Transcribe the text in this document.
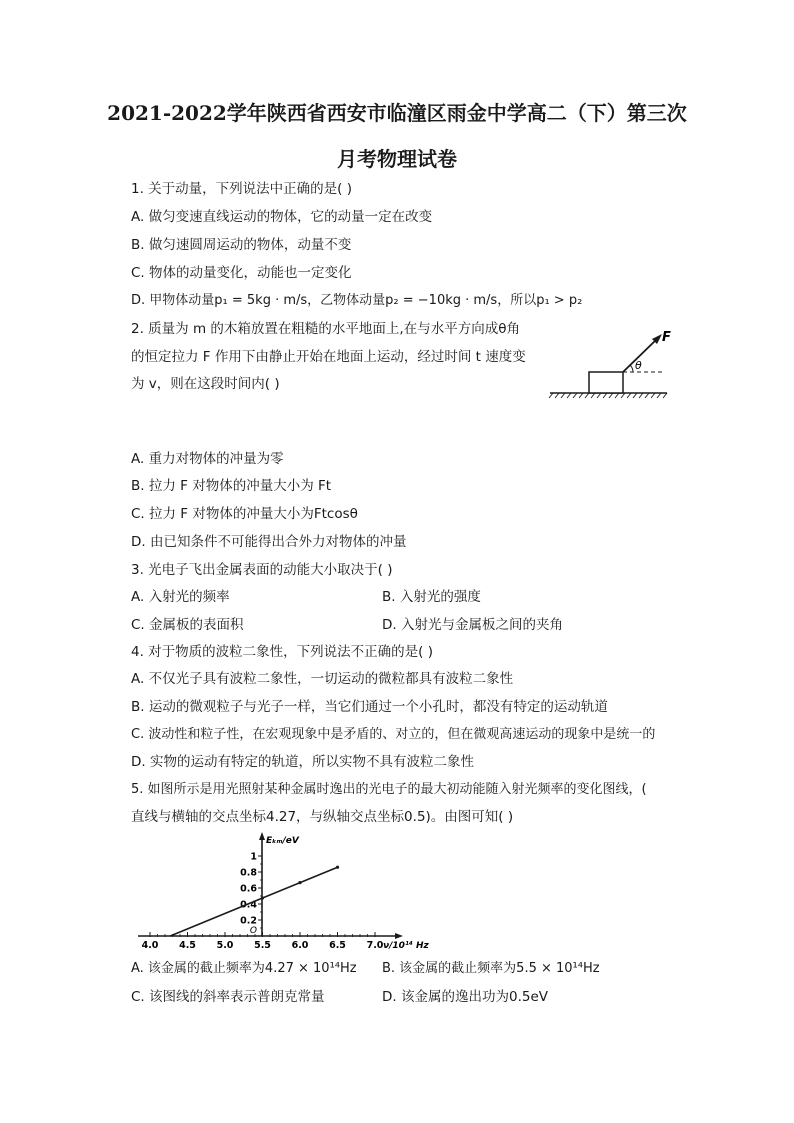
2021-2022学年陕西省西安市临潼区雨金中学高二（下）第三次
月考物理试卷
1. 关于动量，下列说法中正确的是( )
A. 做匀变速直线运动的物体，它的动量一定在改变
B. 做匀速圆周运动的物体，动量不变
C. 物体的动量变化，动能也一定变化
D. 甲物体动量p₁ = 5kg · m/s，乙物体动量p₂ = −10kg · m/s，所以p₁ > p₂
2. 质量为 m 的木箱放置在粗糙的水平地面上,在与水平方向成θ角
的恒定拉力 F 作用下由静止开始在地面上运动，经过时间 t 速度变
为 v，则在这段时间内( )
F
θ
A. 重力对物体的冲量为零
B. 拉力 F 对物体的冲量大小为 Ft
C. 拉力 F 对物体的冲量大小为Ftcosθ
D. 由已知条件不可能得出合外力对物体的冲量
3. 光电子飞出金属表面的动能大小取决于( )
A. 入射光的频率	B. 入射光的强度
C. 金属板的表面积	D. 入射光与金属板之间的夹角
4. 对于物质的波粒二象性，下列说法不正确的是( )
A. 不仅光子具有波粒二象性，一切运动的微粒都具有波粒二象性
B. 运动的微观粒子与光子一样，当它们通过一个小孔时，都没有特定的运动轨道
C. 波动性和粒子性，在宏观现象中是矛盾的、对立的，但在微观高速运动的现象中是统一的
D. 实物的运动有特定的轨道，所以实物不具有波粒二象性
5. 如图所示是用光照射某种金属时逸出的光电子的最大初动能随入射光频率的变化图线，(
直线与横轴的交点坐标4.27，与纵轴交点坐标0.5)。由图可知( )
4.0 4.5 5.0 5.5 6.0 6.5 7.0 ν/10¹⁴ Hz
0.2
0.4
0.6
0.8
1
O
Eₖₘ/eV
A. 该金属的截止频率为4.27 × 10¹⁴Hz B. 该金属的截止频率为5.5 × 10¹⁴Hz
C. 该图线的斜率表示普朗克常量	D. 该金属的逸出功为0.5eV
